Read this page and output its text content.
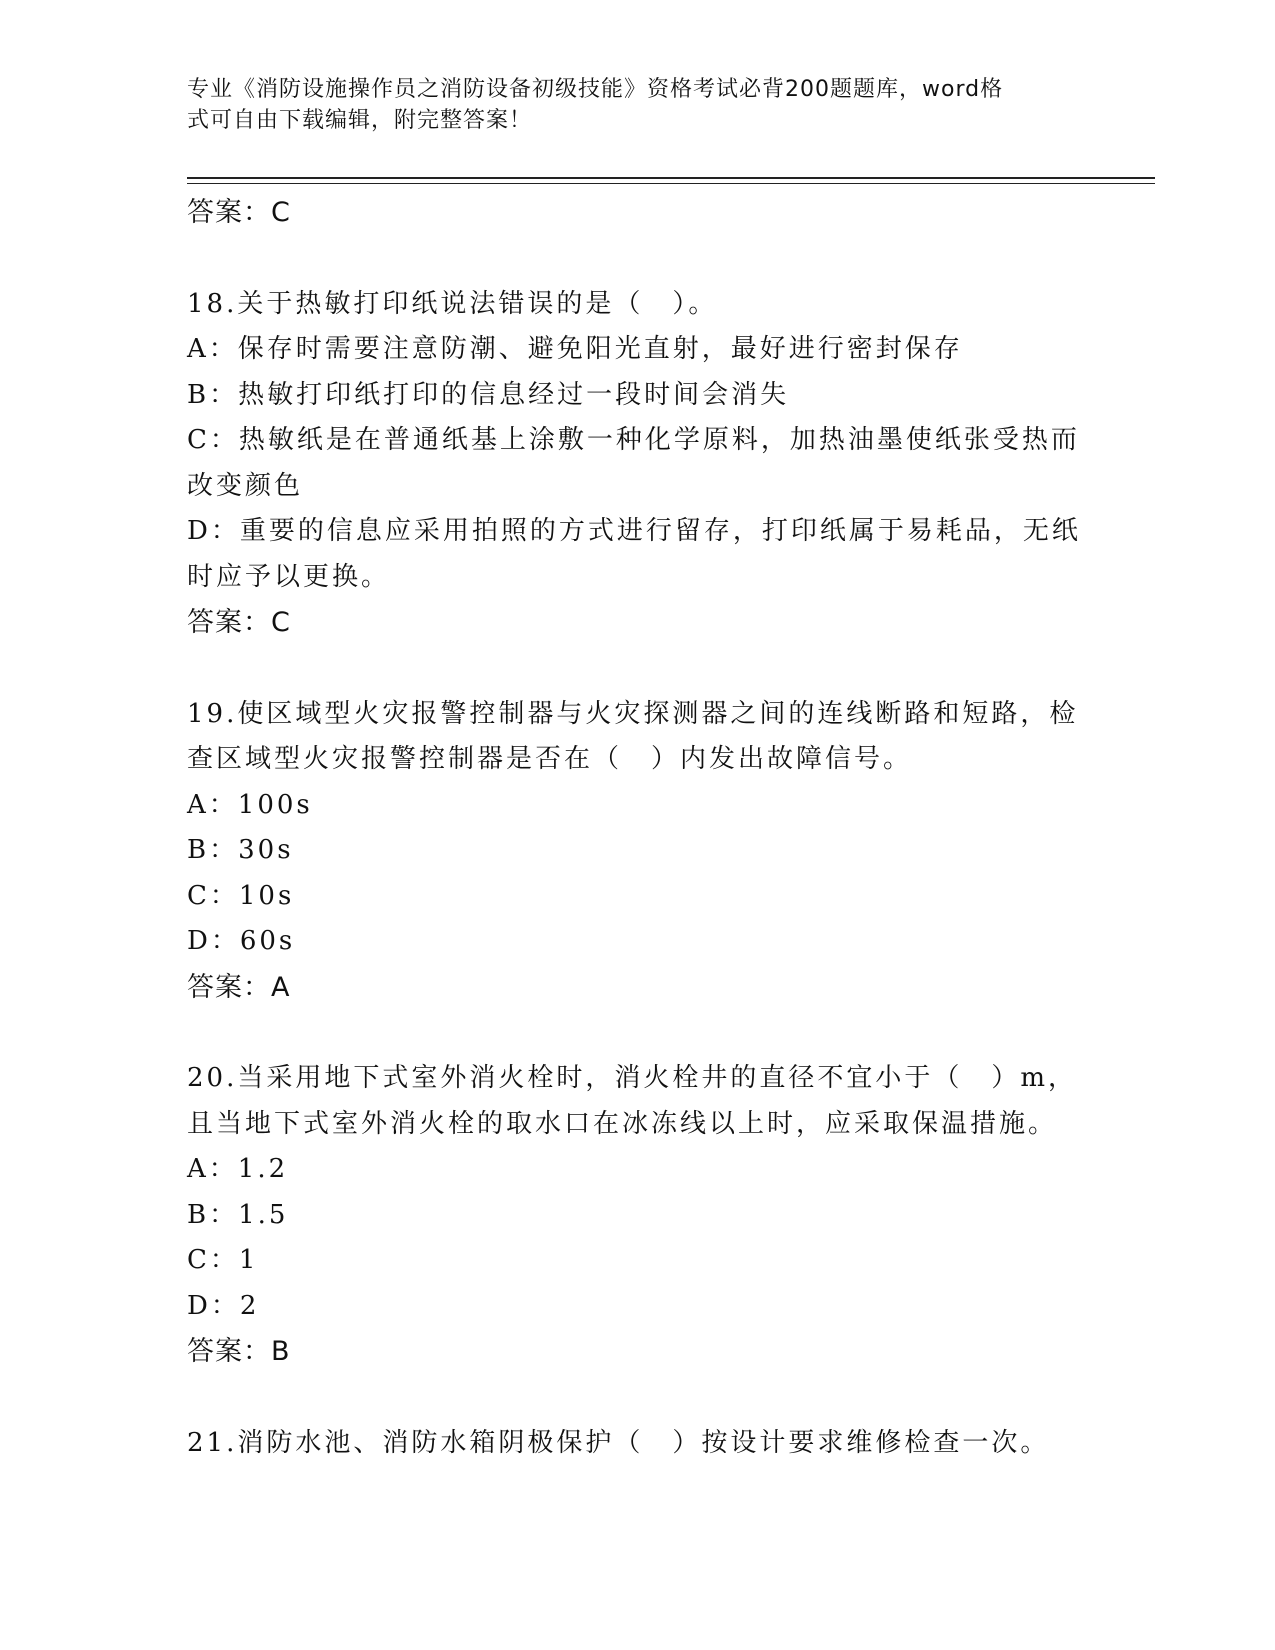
专业《消防设施操作员之消防设备初级技能》资格考试必背200题题库，word格
式可自由下载编辑，附完整答案！
答案：C
18.关于热敏打印纸说法错误的是（　）。
A：保存时需要注意防潮、避免阳光直射，最好进行密封保存
B：热敏打印纸打印的信息经过一段时间会消失
C：热敏纸是在普通纸基上涂敷一种化学原料，加热油墨使纸张受热而
改变颜色
D：重要的信息应采用拍照的方式进行留存，打印纸属于易耗品，无纸
时应予以更换。
答案：C
19.使区域型火灾报警控制器与火灾探测器之间的连线断路和短路，检
查区域型火灾报警控制器是否在（　）内发出故障信号。
A：100s
B：30s
C：10s
D：60s
答案：A
20.当采用地下式室外消火栓时，消火栓井的直径不宜小于（　）m，
且当地下式室外消火栓的取水口在冰冻线以上时，应采取保温措施。
A：1.2
B：1.5
C：1
D：2
答案：B
21.消防水池、消防水箱阴极保护（　）按设计要求维修检查一次。
